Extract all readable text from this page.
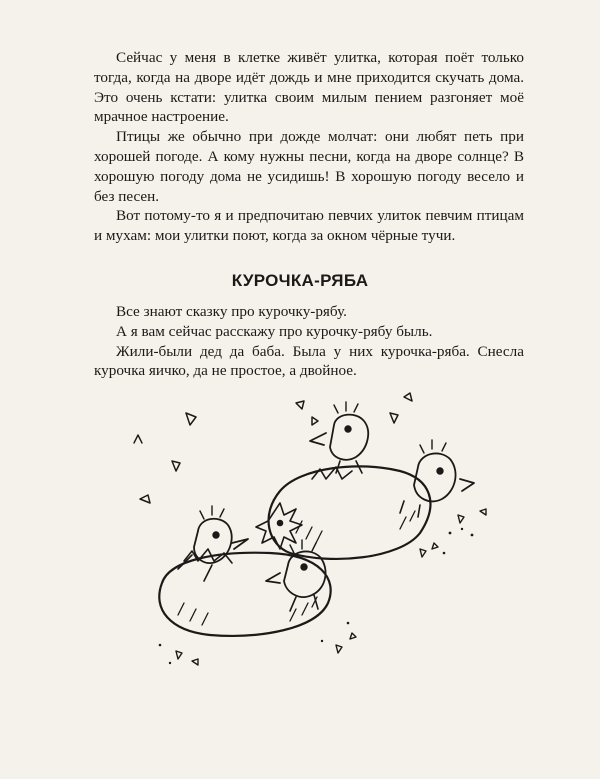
Сейчас у меня в клетке живёт улитка, которая поёт только тогда, когда на дворе идёт дождь и мне приходится скучать дома. Это очень кстати: улитка своим милым пением разгоняет моё мрачное настроение.

Птицы же обычно при дожде молчат: они любят петь при хорошей погоде. А кому нужны песни, когда на дворе солнце? В хорошую погоду дома не усидишь! В хорошую погоду весело и без песен.

Вот потому-то я и предпочитаю певчих улиток певчим птицам и мухам: мои улитки поют, когда за окном чёрные тучи.

КУРОЧКА-РЯБА

Все знают сказку про курочку-рябу.

А я вам сейчас расскажу про курочку-рябу быль.

Жили-были дед да баба. Была у них курочка-ряба. Снесла курочка яичко, да не простое, а двойное.
